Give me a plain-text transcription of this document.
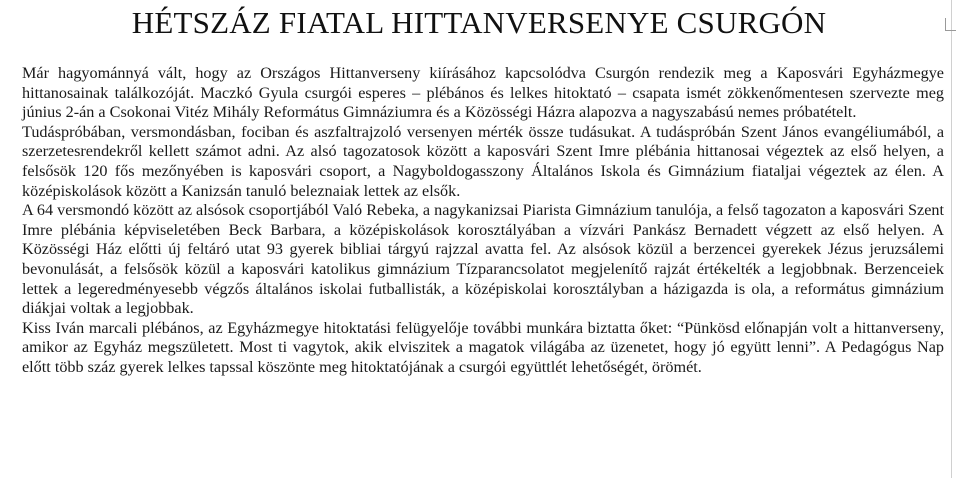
HÉTSZÁZ FIATAL HITTANVERSENYE CSURGÓN

Már hagyománnyá vált, hogy az Országos Hittanverseny kiírásához kapcsolódva Csurgón rendezik meg a Kaposvári Egyházmegye hittanosainak találkozóját. Maczkó Gyula csurgói esperes – plébános és lelkes hitoktató – csapata ismét zökkenőmentesen szervezte meg június 2-án a Csokonai Vitéz Mihály Református Gimnáziumra és a Közösségi Házra alapozva a nagyszabású nemes próbatételt.

Tudáspróbában, versmondásban, fociban és aszfaltrajzoló versenyen mérték össze tudásukat. A tudáspróbán Szent János evangéliumából, a szerzetesrendekről kellett számot adni. Az alsó tagozatosok között a kaposvári Szent Imre plébánia hittanosai végeztek az első helyen, a felsősök 120 fős mezőnyében is kaposvári csoport, a Nagyboldogasszony Általános Iskola és Gimnázium fiataljai végeztek az élen. A középiskolások között a Kanizsán tanuló beleznaiak lettek az elsők.

A 64 versmondó között az alsósok csoportjából Való Rebeka, a nagykanizsai Piarista Gimnázium tanulója, a felső tagozaton a kaposvári Szent Imre plébánia képviseletében Beck Barbara, a középiskolások korosztályában a vízvári Pankász Bernadett végzett az első helyen. A Közösségi Ház előtti új feltáró utat 93 gyerek bibliai tárgyú rajzzal avatta fel. Az alsósok közül a berzencei gyerekek Jézus jeruzsálemi bevonulását, a felsősök közül a kaposvári katolikus gimnázium Tízparancsolatot megjelenítő rajzát értékelték a legjobbnak. Berzenceiek lettek a legeredményesebb végzős általános iskolai futballisták, a középiskolai korosztályban a házigazda is ola, a református gimnázium diákjai voltak a legjobbak.

Kiss Iván marcali plébános, az Egyházmegye hitoktatási felügyelője további munkára biztatta őket: “Pünkösd előnapján volt a hittanverseny, amikor az Egyház megszületett. Most ti vagytok, akik elviszitek a magatok világába az üzenetet, hogy jó együtt lenni”. A Pedagógus Nap előtt több száz gyerek lelkes tapssal köszönte meg hitoktatójának a csurgói együttlét lehetőségét, örömét.
